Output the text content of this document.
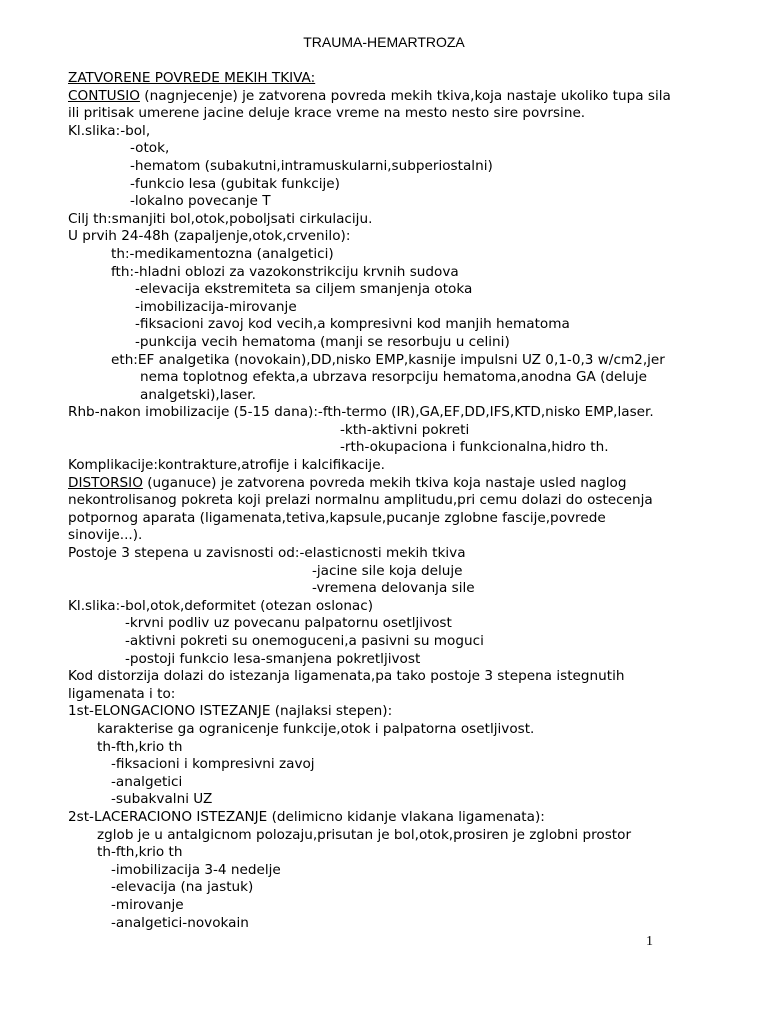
TRAUMA-HEMARTROZA
ZATVORENE POVREDE MEKIH TKIVA:
CONTUSIO (nagnjecenje) je zatvorena povreda mekih tkiva,koja nastaje ukoliko tupa sila
ili pritisak umerene jacine deluje krace vreme na mesto nesto sire povrsine.
Kl.slika:-bol,
-otok,
-hematom (subakutni,intramuskularni,subperiostalni)
-funkcio lesa (gubitak funkcije)
-lokalno povecanje T
Cilj th:smanjiti bol,otok,poboljsati cirkulaciju.
U prvih 24-48h (zapaljenje,otok,crvenilo):
th:-medikamentozna (analgetici)
fth:-hladni oblozi za vazokonstrikciju krvnih sudova
-elevacija ekstremiteta sa ciljem smanjenja otoka
-imobilizacija-mirovanje
-fiksacioni zavoj kod vecih,a kompresivni kod manjih hematoma
-punkcija vecih hematoma (manji se resorbuju u celini)
eth:EF analgetika (novokain),DD,nisko EMP,kasnije impulsni UZ 0,1-0,3 w/cm2,jer
nema toplotnog efekta,a ubrzava resorpciju hematoma,anodna GA (deluje
analgetski),laser.
Rhb-nakon imobilizacije (5-15 dana):-fth-termo (IR),GA,EF,DD,IFS,KTD,nisko EMP,laser.
-kth-aktivni pokreti
-rth-okupaciona i funkcionalna,hidro th.
Komplikacije:kontrakture,atrofije i kalcifikacije.
DISTORSIO (uganuce) je zatvorena povreda mekih tkiva koja nastaje usled naglog
nekontrolisanog pokreta koji prelazi normalnu amplitudu,pri cemu dolazi do ostecenja
potpornog aparata (ligamenata,tetiva,kapsule,pucanje zglobne fascije,povrede
sinovije...).
Postoje 3 stepena u zavisnosti od:-elasticnosti mekih tkiva
-jacine sile koja deluje
-vremena delovanja sile
Kl.slika:-bol,otok,deformitet (otezan oslonac)
-krvni podliv uz povecanu palpatornu osetljivost
-aktivni pokreti su onemoguceni,a pasivni su moguci
-postoji funkcio lesa-smanjena pokretljivost
Kod distorzija dolazi do istezanja ligamenata,pa tako postoje 3 stepena istegnutih
ligamenata i to:
1st-ELONGACIONO ISTEZANJE (najlaksi stepen):
karakterise ga ogranicenje funkcije,otok i palpatorna osetljivost.
th-fth,krio th
-fiksacioni i kompresivni zavoj
-analgetici
-subakvalni UZ
2st-LACERACIONO ISTEZANJE (delimicno kidanje vlakana ligamenata):
zglob je u antalgicnom polozaju,prisutan je bol,otok,prosiren je zglobni prostor
th-fth,krio th
-imobilizacija 3-4 nedelje
-elevacija (na jastuk)
-mirovanje
-analgetici-novokain
1
